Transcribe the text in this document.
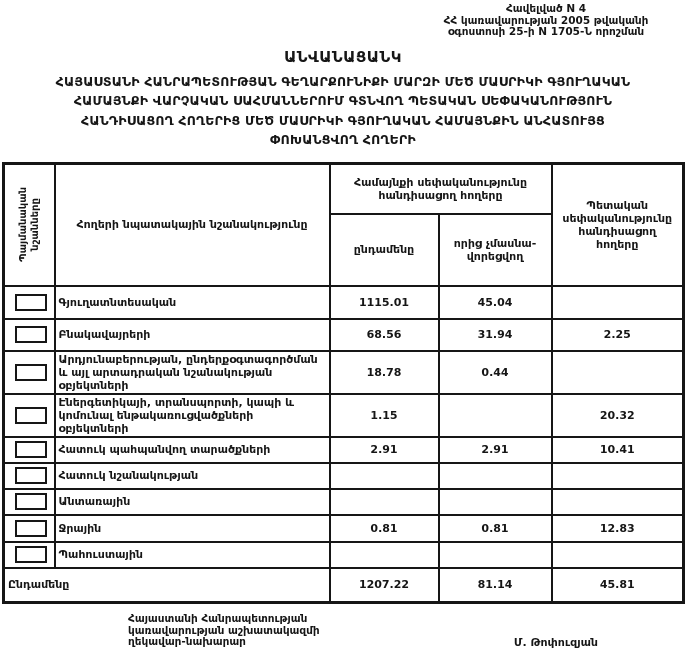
Հավելված N 4
ՀՀ կառավարության 2005 թվականի
օգոստոսի 25-ի N 1705-Ն որոշման
ԱՆՎԱՆԱՑԱՆԿ
ՀԱՅԱՍՏԱՆԻ ՀԱՆՐԱՊԵՏՈՒԹՅԱՆ ԳԵՂԱՐՔՈՒՆԻՔԻ ՄԱՐԶԻ ՄԵԾ ՄԱՍՐԻԿԻ ԳՅՈՒՂԱԿԱՆ
ՀԱՄԱՅՆՔԻ ՎԱՐՉԱԿԱՆ ՍԱՀՄԱՆՆԵՐՈՒՄ ԳՏՆՎՈՂ ՊԵՏԱԿԱՆ ՍԵՓԱԿԱՆՈՒԹՅՈՒՆ
ՀԱՆԴԻՍԱՑՈՂ ՀՈՂԵՐԻՑ ՄԵԾ ՄԱՍՐԻԿԻ ԳՅՈՒՂԱԿԱՆ ՀԱՄԱՅՆՔԻՆ ԱՆՀԱՏՈՒՅՑ
ՓՈԽԱՆՑՎՈՂ ՀՈՂԵՐԻ
Պայմանական նշանները	Հողերի նպատակային նշանակությունը	Համայնքի սեփականությունը հանդիսացող հողերը		Պետական սեփականությունը հանդիսացող հողերը
		ընդամենը	որից չմասնա-վորեցվող	
	Գյուղատնտեսական	1115.01	45.04	
	Բնակավայրերի	68.56	31.94	2.25
	Արդյունաբերության, ընդերքօգտագործման և այլ արտադրական նշանակության օբյեկտների	18.78	0.44	
	Էներգետիկայի, տրանսպորտի, կապի և կոմունալ ենթակառուցվածքների օբյեկտների	1.15		20.32
	Հատուկ պահպանվող տարածքների	2.91	2.91	10.41
	Հատուկ նշանակության			
	Անտառային			
	Ջրային	0.81	0.81	12.83
	Պահուստային			
Ընդամենը		1207.22	81.14	45.81
Հայաստանի Հանրապետության
կառավարության աշխատակազմի
ղեկավար-նախարար	Մ. Թոփուզյան
